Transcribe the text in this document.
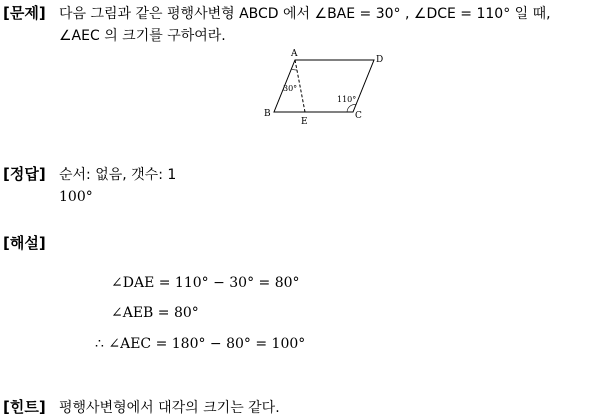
[문제] 다음 그림과 같은 평행사변형 ABCD 에서 ∠BAE = 30° , ∠DCE = 110° 일 때,
∠AEC 의 크기를 구하여라.
A
D
B	C
E
30°
110°
[정답] 순서: 없음, 갯수: 1
100°
[해설]
∠DAE = 110° − 30° = 80°
∠AEB = 80°
∴ ∠AEC = 180° − 80° = 100°
[힌트] 평행사변형에서 대각의 크기는 같다.
